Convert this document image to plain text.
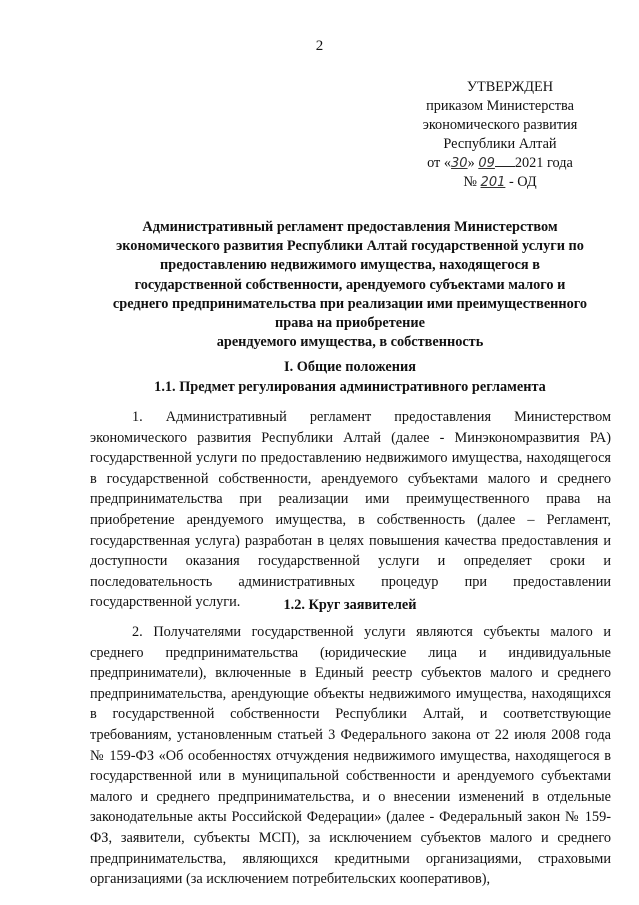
2
УТВЕРЖДЕН
приказом Министерства
экономического развития
Республики Алтай
от «30» 09 2021 года
№ 201 - ОД
Административный регламент предоставления Министерством
экономического развития Республики Алтай государственной услуги по
предоставлению недвижимого имущества, находящегося в
государственной собственности, арендуемого субъектами малого и
среднего предпринимательства при реализации ими преимущественного
права на приобретение
арендуемого имущества, в собственность
I. Общие положения
1.1. Предмет регулирования административного регламента
1. Административный регламент предоставления Министерством экономического развития Республики Алтай (далее - Минэкономразвития РА) государственной услуги по предоставлению недвижимого имущества, находящегося в государственной собственности, арендуемого субъектами малого и среднего предпринимательства при реализации ими преимущественного права на приобретение арендуемого имущества, в собственность (далее – Регламент, государственная услуга) разработан в целях повышения качества предоставления и доступности оказания государственной услуги и определяет сроки и последовательность административных процедур при предоставлении государственной услуги.	1.2. Круг заявителей
2. Получателями государственной услуги являются субъекты малого и среднего предпринимательства (юридические лица и индивидуальные предприниматели), включенные в Единый реестр субъектов малого и среднего предпринимательства, арендующие объекты недвижимого имущества, находящихся в государственной собственности Республики Алтай, и соответствующие требованиям, установленным статьей 3 Федерального закона от 22 июля 2008 года № 159-ФЗ «Об особенностях отчуждения недвижимого имущества, находящегося в государственной или в муниципальной собственности и арендуемого субъектами малого и среднего предпринимательства, и о внесении изменений в отдельные законодательные акты Российской Федерации» (далее - Федеральный закон № 159-ФЗ, заявители, субъекты МСП), за исключением субъектов малого и среднего предпринимательства, являющихся кредитными организациями, страховыми организациями (за исключением потребительских кооперативов),
